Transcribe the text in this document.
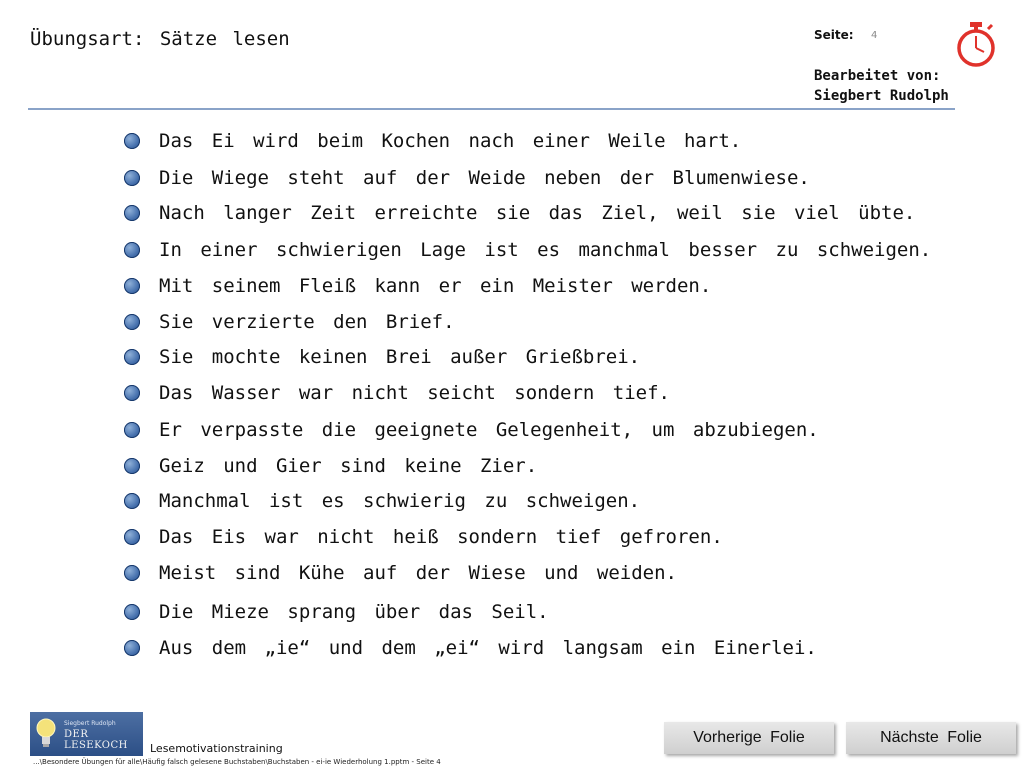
Übungsart: Sätze lesen	Seite: 4
Bearbeitet von:
Siegbert Rudolph
Das Ei wird beim Kochen nach einer Weile hart.
Die Wiege steht auf der Weide neben der Blumenwiese.
Nach langer Zeit erreichte sie das Ziel, weil sie viel übte.
In einer schwierigen Lage ist es manchmal besser zu schweigen.
Mit seinem Fleiß kann er ein Meister werden.
Sie verzierte den Brief.
Sie mochte keinen Brei außer Grießbrei.
Das Wasser war nicht seicht sondern tief.
Er verpasste die geeignete Gelegenheit, um abzubiegen.
Geiz und Gier sind keine Zier.
Manchmal ist es schwierig zu schweigen.
Das Eis war nicht heiß sondern tief gefroren.
Meist sind Kühe auf der Wiese und weiden.
Die Mieze sprang über das Seil.
Aus dem „ie“ und dem „ei“ wird langsam ein Einerlei.
Siegbert Rudolph
DER LESEKOCH	Lesemotivationstraining
...\Besondere Übungen für alle\Häufig falsch gelesene Buchstaben\Buchstaben - ei-ie Wiederholung 1.pptm - Seite 4
Vorherige Folie	Nächste Folie
